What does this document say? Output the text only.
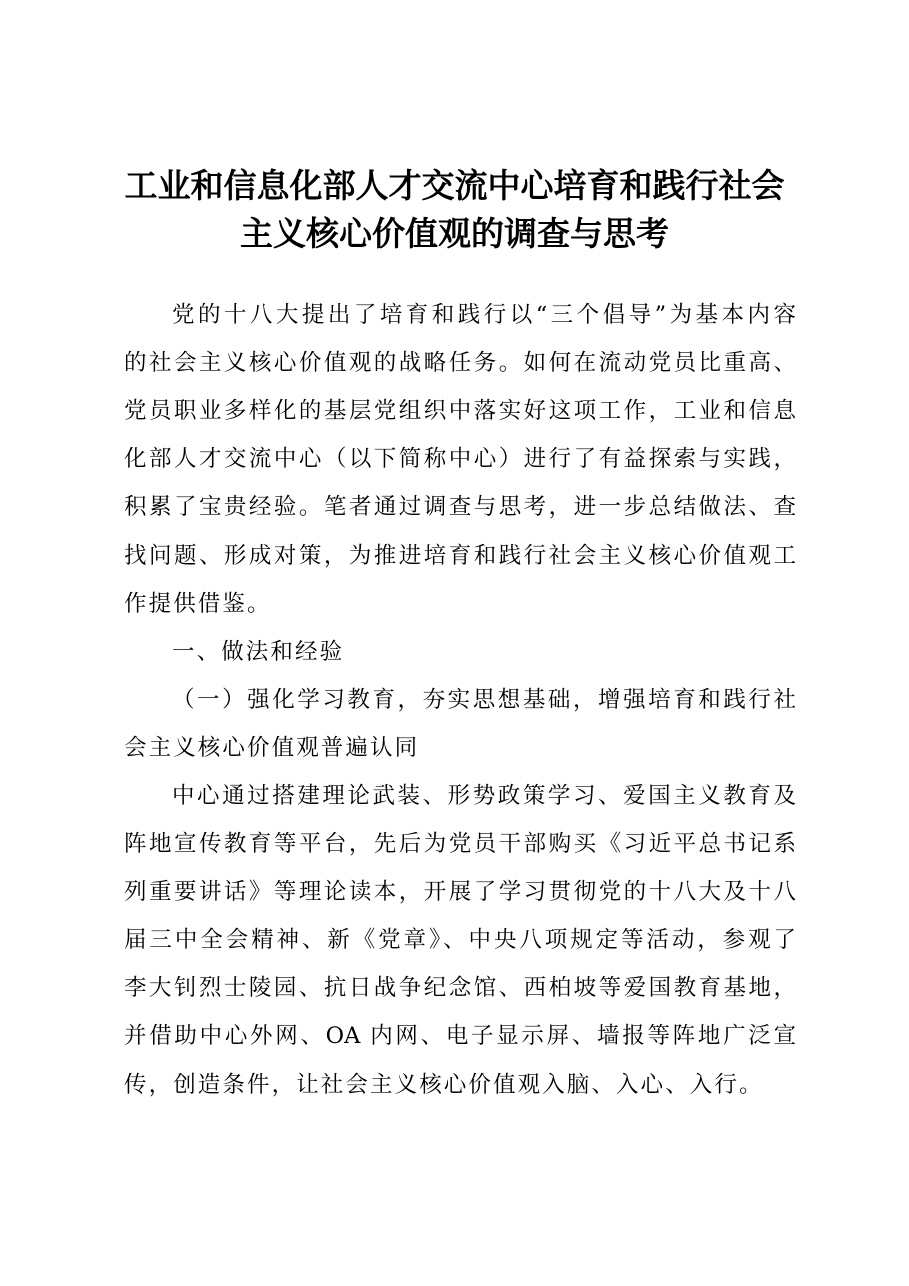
工业和信息化部人才交流中心培育和践行社会
主义核心价值观的调查与思考

党的十八大提出了培育和践行以“三个倡导”为基本内容

的社会主义核心价值观的战略任务。如何在流动党员比重高、

党员职业多样化的基层党组织中落实好这项工作，工业和信息

化部人才交流中心（以下简称中心）进行了有益探索与实践，

积累了宝贵经验。笔者通过调查与思考，进一步总结做法、查

找问题、形成对策，为推进培育和践行社会主义核心价值观工

作提供借鉴。

一、做法和经验

（一）强化学习教育，夯实思想基础，增强培育和践行社

会主义核心价值观普遍认同

中心通过搭建理论武装、形势政策学习、爱国主义教育及

阵地宣传教育等平台，先后为党员干部购买《习近平总书记系

列重要讲话》等理论读本，开展了学习贯彻党的十八大及十八

届三中全会精神、新《党章》、中央八项规定等活动，参观了

李大钊烈士陵园、抗日战争纪念馆、西柏坡等爱国教育基地，

并借助中心外网、OA 内网、电子显示屏、墙报等阵地广泛宣

传，创造条件，让社会主义核心价值观入脑、入心、入行。
